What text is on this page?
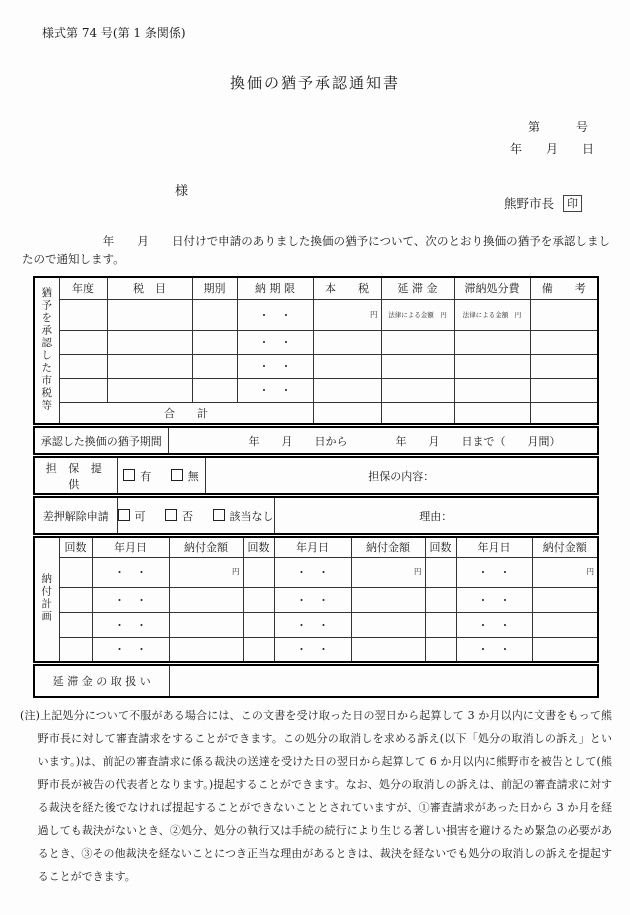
様式第 74 号(第 1 条関係)
換価の猶予承認通知書
第　　　号
年　　月　　日
様
熊野市長	印
　　　　　　　年　　月　　日付けで申請のありました換価の猶予について、次のとおり換価の猶予を承認しましたので通知します。
猶予を承認した市税等	年度	税　目	期別	納 期 限	本　　税	延 滞 金	滞納処分費	備　　考
				・　・	円	法律による金額　円	法律による金額　円	

				・　・				
				・　・				
				・　・				
	合　　計							
承認した換価の猶予期間	年　　月　　日から	年　　月　　日まで（　　月間）
担 保 提 供	有	無	担保の内容：
差押解除申請	可	否	該当なし	理由：
納付計画	回数	年月日	納付金額	回数	年月日	納付金額	回数	年月日	納付金額
		・　・	円		・　・	円		・　・	円

		・　・			・　・			・　・	
		・　・			・　・			・　・	
		・　・			・　・			・　・	
延 滞 金 の 取 扱 い	
(注)上記処分について不服がある場合には、この文書を受け取った日の翌日から起算して 3 か月以内に文書をもって熊野市長に対して審査請求をすることができます。この処分の取消しを求める訴え(以下「処分の取消しの訴え」といいます。)は、前記の審査請求に係る裁決の送達を受けた日の翌日から起算して 6 か月以内に熊野市を被告として(熊野市長が被告の代表者となります。)提起することができます。なお、処分の取消しの訴えは、前記の審査請求に対する裁決を経た後でなければ提起することができないこととされていますが、①審査請求があった日から 3 か月を経過しても裁決がないとき、②処分、処分の執行又は手続の続行により生じる著しい損害を避けるため緊急の必要があるとき、③その他裁決を経ないことにつき正当な理由があるときは、裁決を経ないでも処分の取消しの訴えを提起することができます。
